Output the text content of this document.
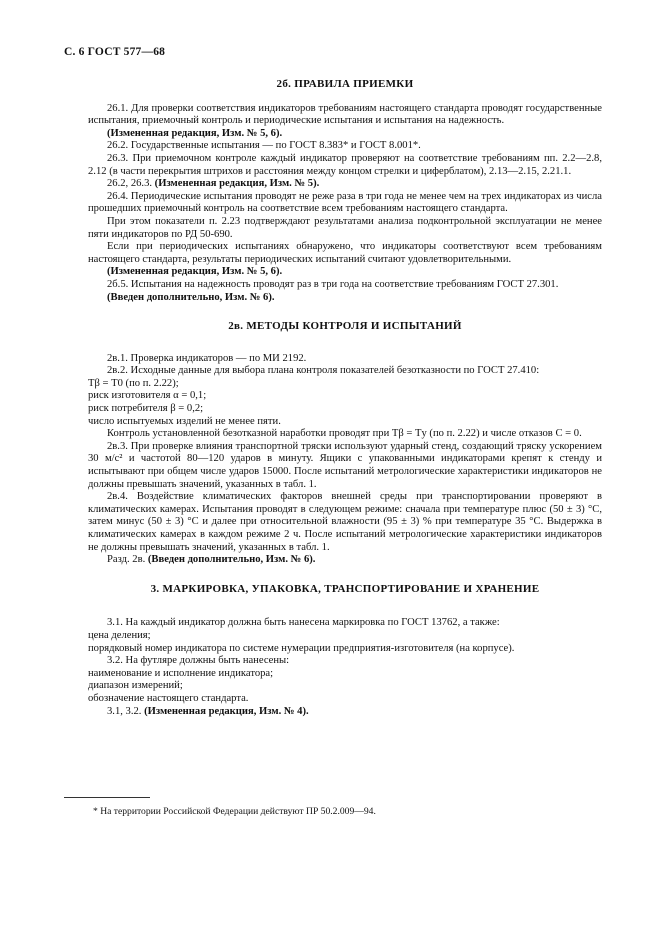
С. 6 ГОСТ 577—68

2б. ПРАВИЛА ПРИЕМКИ

26.1. Для проверки соответствия индикаторов требованиям настоящего стандарта проводят государственные испытания, приемочный контроль и периодические испытания и испытания на надежность.

(Измененная редакция, Изм. № 5, 6).

26.2. Государственные испытания — по ГОСТ 8.383* и ГОСТ 8.001*.

26.3. При приемочном контроле каждый индикатор проверяют на соответствие требованиям пп. 2.2—2.8, 2.12 (в части перекрытия штрихов и расстояния между концом стрелки и циферблатом), 2.13—2.15, 2.21.1.

26.2, 26.3. (Измененная редакция, Изм. № 5).

26.4. Периодические испытания проводят не реже раза в три года не менее чем на трех индикаторах из числа прошедших приемочный контроль на соответствие всем требованиям настоящего стандарта.

При этом показатели п. 2.23 подтверждают результатами анализа подконтрольной эксплуатации не менее пяти индикаторов по РД 50-690.

Если при периодических испытаниях обнаружено, что индикаторы соответствуют всем требованиям настоящего стандарта, результаты периодических испытаний считают удовлетворительными.

(Измененная редакция, Изм. № 5, 6).

2б.5. Испытания на надежность проводят раз в три года на соответствие требованиям ГОСТ 27.301.

(Введен дополнительно, Изм. № 6).

2в. МЕТОДЫ КОНТРОЛЯ И ИСПЫТАНИЙ

2в.1. Проверка индикаторов — по МИ 2192.

2в.2. Исходные данные для выбора плана контроля показателей безотказности по ГОСТ 27.410:

Tβ = T0 (по п. 2.22);

риск изготовителя α = 0,1;

риск потребителя β = 0,2;

число испытуемых изделий не менее пяти.

Контроль установленной безотказной наработки проводят при Tβ = Tу (по п. 2.22) и числе отказов C = 0.

2в.3. При проверке влияния транспортной тряски используют ударный стенд, создающий тряску ускорением 30 м/с² и частотой 80—120 ударов в минуту. Ящики с упакованными индикаторами крепят к стенду и испытывают при общем числе ударов 15000. После испытаний метрологические характеристики индикаторов не должны превышать значений, указанных в табл. 1.

2в.4. Воздействие климатических факторов внешней среды при транспортировании проверяют в климатических камерах. Испытания проводят в следующем режиме: сначала при температуре плюс (50 ± 3) °С, затем минус (50 ± 3) °С и далее при относительной влажности (95 ± 3) % при температуре 35 °С. Выдержка в климатических камерах в каждом режиме 2 ч. После испытаний метрологические характеристики индикаторов не должны превышать значений, указанных в табл. 1.

Разд. 2в. (Введен дополнительно, Изм. № 6).

3. МАРКИРОВКА, УПАКОВКА, ТРАНСПОРТИРОВАНИЕ И ХРАНЕНИЕ

3.1. На каждый индикатор должна быть нанесена маркировка по ГОСТ 13762, а также:

цена деления;

порядковый номер индикатора по системе нумерации предприятия-изготовителя (на корпусе).

3.2. На футляре должны быть нанесены:

наименование и исполнение индикатора;

диапазон измерений;

обозначение настоящего стандарта.

3.1, 3.2. (Измененная редакция, Изм. № 4).

* На территории Российской Федерации действуют ПР 50.2.009—94.
